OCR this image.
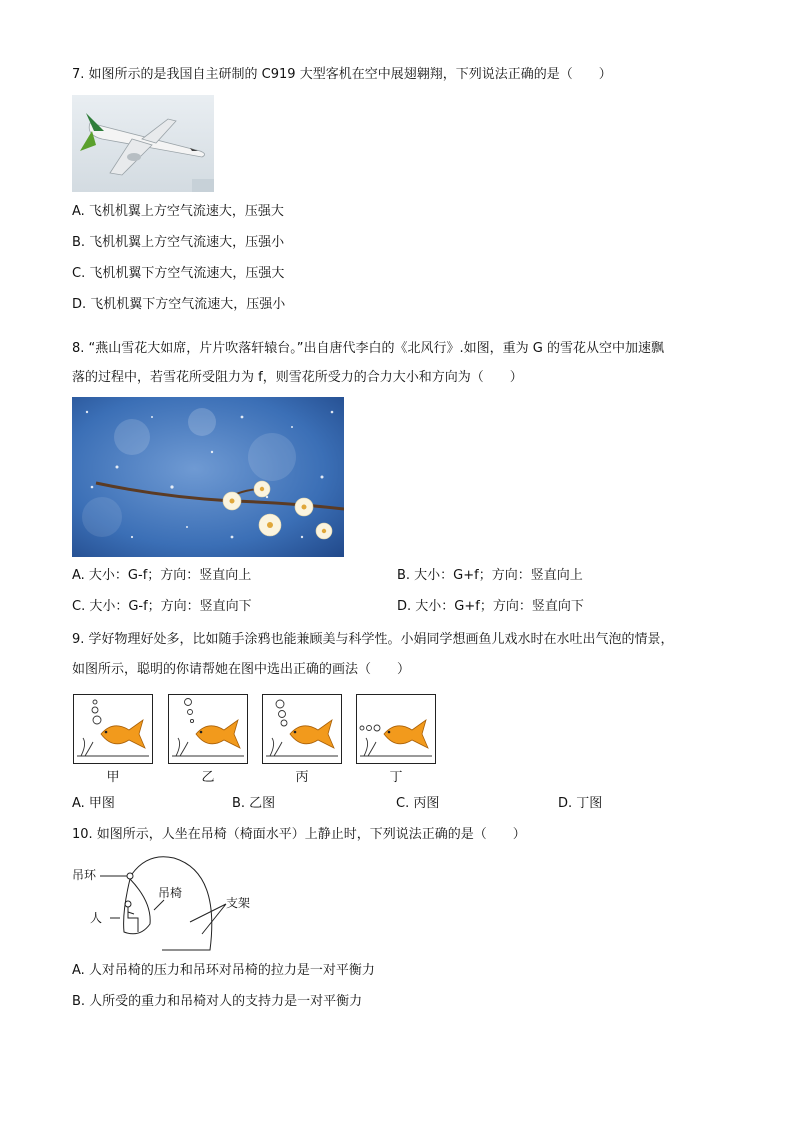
7. 如图所示的是我国自主研制的 C919 大型客机在空中展翅翱翔，下列说法正确的是（　　）
A. 飞机机翼上方空气流速大，压强大
B. 飞机机翼上方空气流速大，压强小
C. 飞机机翼下方空气流速大，压强大
D. 飞机机翼下方空气流速大，压强小
8. “燕山雪花大如席，片片吹落轩辕台。”出自唐代李白的《北风行》.如图，重为 G 的雪花从空中加速飘
落的过程中，若雪花所受阻力为 f，则雪花所受力的合力大小和方向为（　　）
A. 大小：G-f；方向：竖直向上	B. 大小：G+f；方向：竖直向上
C. 大小：G-f；方向：竖直向下	D. 大小：G+f；方向：竖直向下
9. 学好物理好处多，比如随手涂鸦也能兼顾美与科学性。小娟同学想画鱼儿戏水时在水吐出气泡的情景，
如图所示，聪明的你请帮她在图中选出正确的画法（　　）
甲	乙	丙	丁
A. 甲图	B. 乙图	C. 丙图	D. 丁图
10. 如图所示，人坐在吊椅（椅面水平）上静止时，下列说法正确的是（　　）
吊环
吊椅
人
支架
A. 人对吊椅的压力和吊环对吊椅的拉力是一对平衡力
B. 人所受的重力和吊椅对人的支持力是一对平衡力
